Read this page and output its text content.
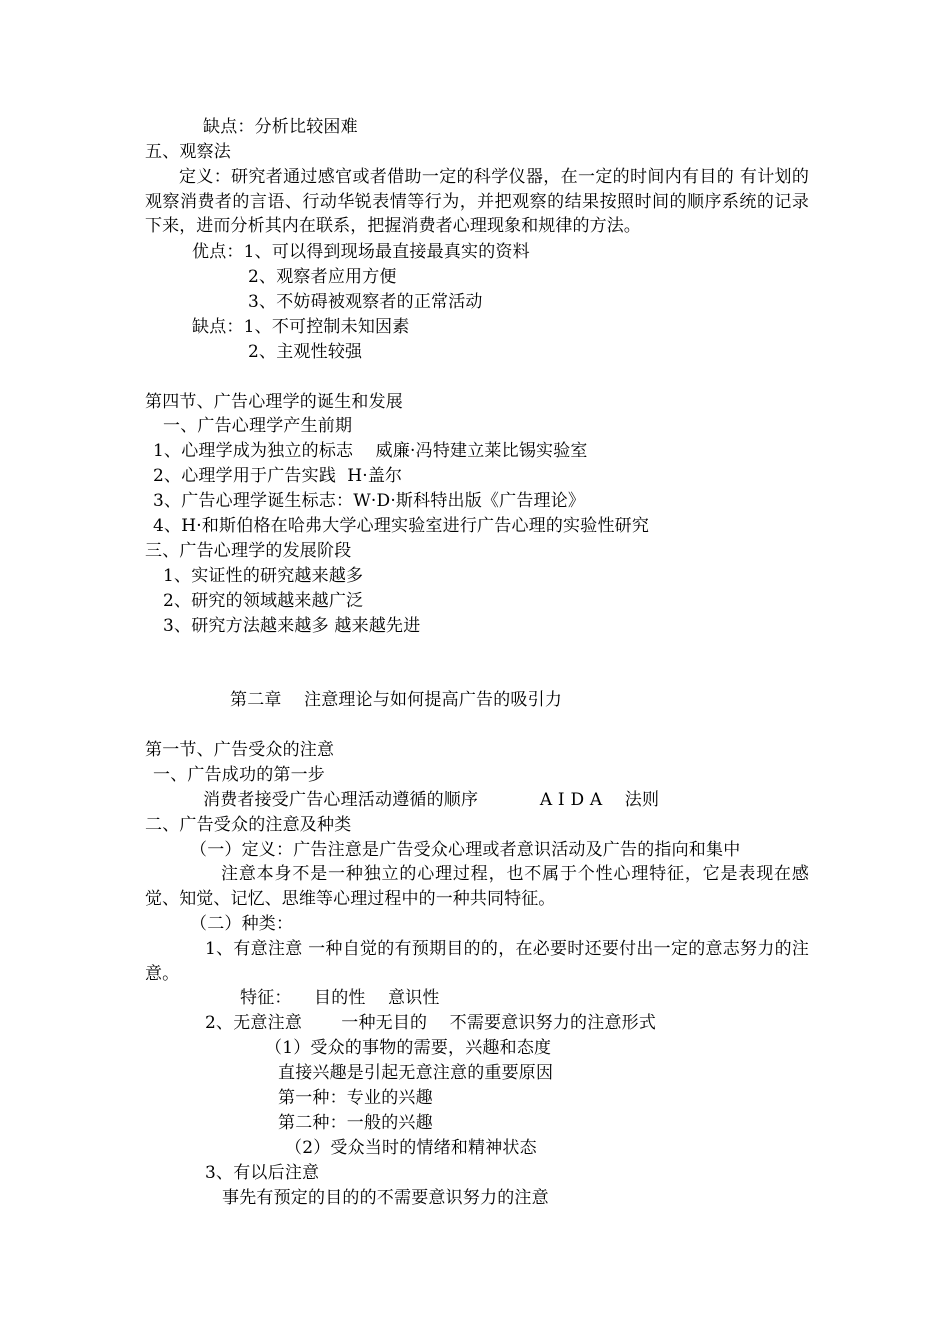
缺点：分析比较困难
五、观察法
定义：研究者通过感官或者借助一定的科学仪器，在一定的时间内有目的 有计划的观察消费者的言语、行动华锐表情等行为，并把观察的结果按照时间的顺序系统的记录下来，进而分析其内在联系，把握消费者心理现象和规律的方法。
优点：1、可以得到现场最直接最真实的资料
2、观察者应用方便
3、不妨碍被观察者的正常活动
缺点：1、不可控制未知因素
2、主观性较强
第四节、广告心理学的诞生和发展
一、广告心理学产生前期
1、心理学成为独立的标志    威廉·冯特建立莱比锡实验室
2、心理学用于广告实践  H·盖尔
3、广告心理学诞生标志：W·D·斯科特出版《广告理论》
4、H·和斯伯格在哈弗大学心理实验室进行广告心理的实验性研究
三、广告心理学的发展阶段
1、实证性的研究越来越多
2、研究的领域越来越广泛
3、研究方法越来越多 越来越先进
第二章    注意理论与如何提高广告的吸引力
第一节、广告受众的注意
一、广告成功的第一步
消费者接受广告心理活动遵循的顺序           A I D A    法则
二、广告受众的注意及种类
（一）定义：广告注意是广告受众心理或者意识活动及广告的指向和集中
注意本身不是一种独立的心理过程，也不属于个性心理特征，它是表现在感觉、知觉、记忆、思维等心理过程中的一种共同特征。
（二）种类：
1、有意注意 一种自觉的有预期目的的，在必要时还要付出一定的意志努力的注意。
特征：    目的性    意识性
2、无意注意       一种无目的    不需要意识努力的注意形式
（1）受众的事物的需要，兴趣和态度
直接兴趣是引起无意注意的重要原因
第一种：专业的兴趣
第二种：一般的兴趣
（2）受众当时的情绪和精神状态
3、有以后注意
事先有预定的目的的不需要意识努力的注意
